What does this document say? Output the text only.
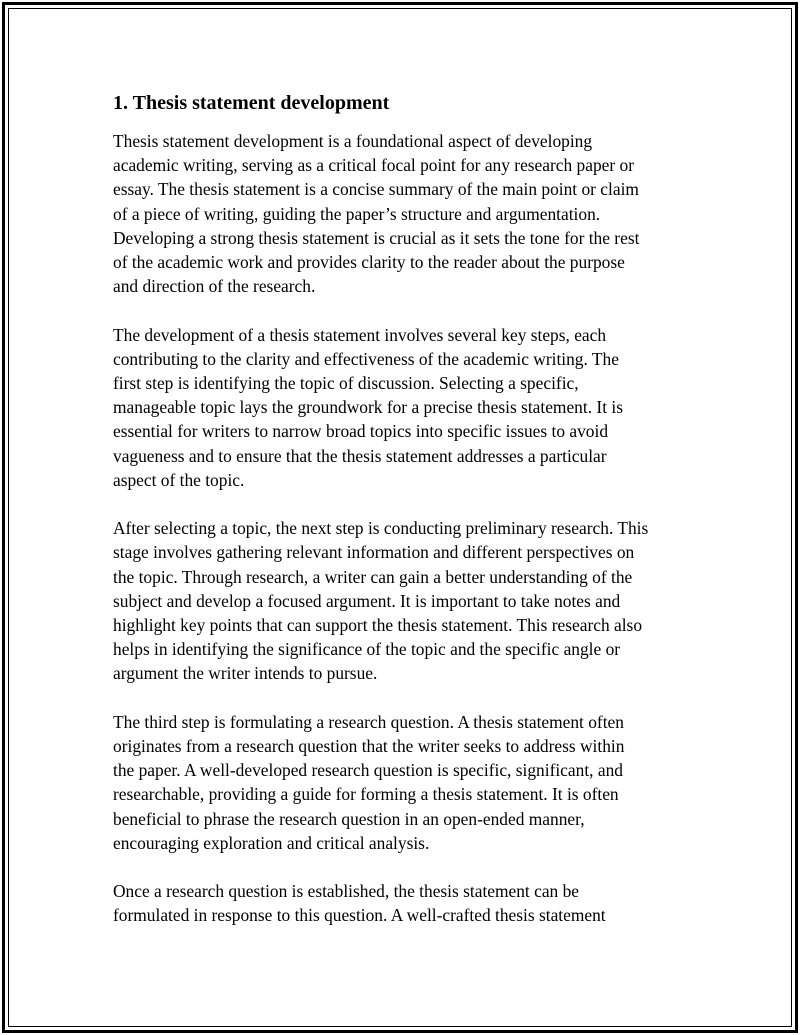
1. Thesis statement development
Thesis statement development is a foundational aspect of developing
academic writing, serving as a critical focal point for any research paper or
essay. The thesis statement is a concise summary of the main point or claim
of a piece of writing, guiding the paper’s structure and argumentation.
Developing a strong thesis statement is crucial as it sets the tone for the rest
of the academic work and provides clarity to the reader about the purpose
and direction of the research.
The development of a thesis statement involves several key steps, each
contributing to the clarity and effectiveness of the academic writing. The
first step is identifying the topic of discussion. Selecting a specific,
manageable topic lays the groundwork for a precise thesis statement. It is
essential for writers to narrow broad topics into specific issues to avoid
vagueness and to ensure that the thesis statement addresses a particular
aspect of the topic.
After selecting a topic, the next step is conducting preliminary research. This
stage involves gathering relevant information and different perspectives on
the topic. Through research, a writer can gain a better understanding of the
subject and develop a focused argument. It is important to take notes and
highlight key points that can support the thesis statement. This research also
helps in identifying the significance of the topic and the specific angle or
argument the writer intends to pursue.
The third step is formulating a research question. A thesis statement often
originates from a research question that the writer seeks to address within
the paper. A well-developed research question is specific, significant, and
researchable, providing a guide for forming a thesis statement. It is often
beneficial to phrase the research question in an open-ended manner,
encouraging exploration and critical analysis.
Once a research question is established, the thesis statement can be
formulated in response to this question. A well-crafted thesis statement
